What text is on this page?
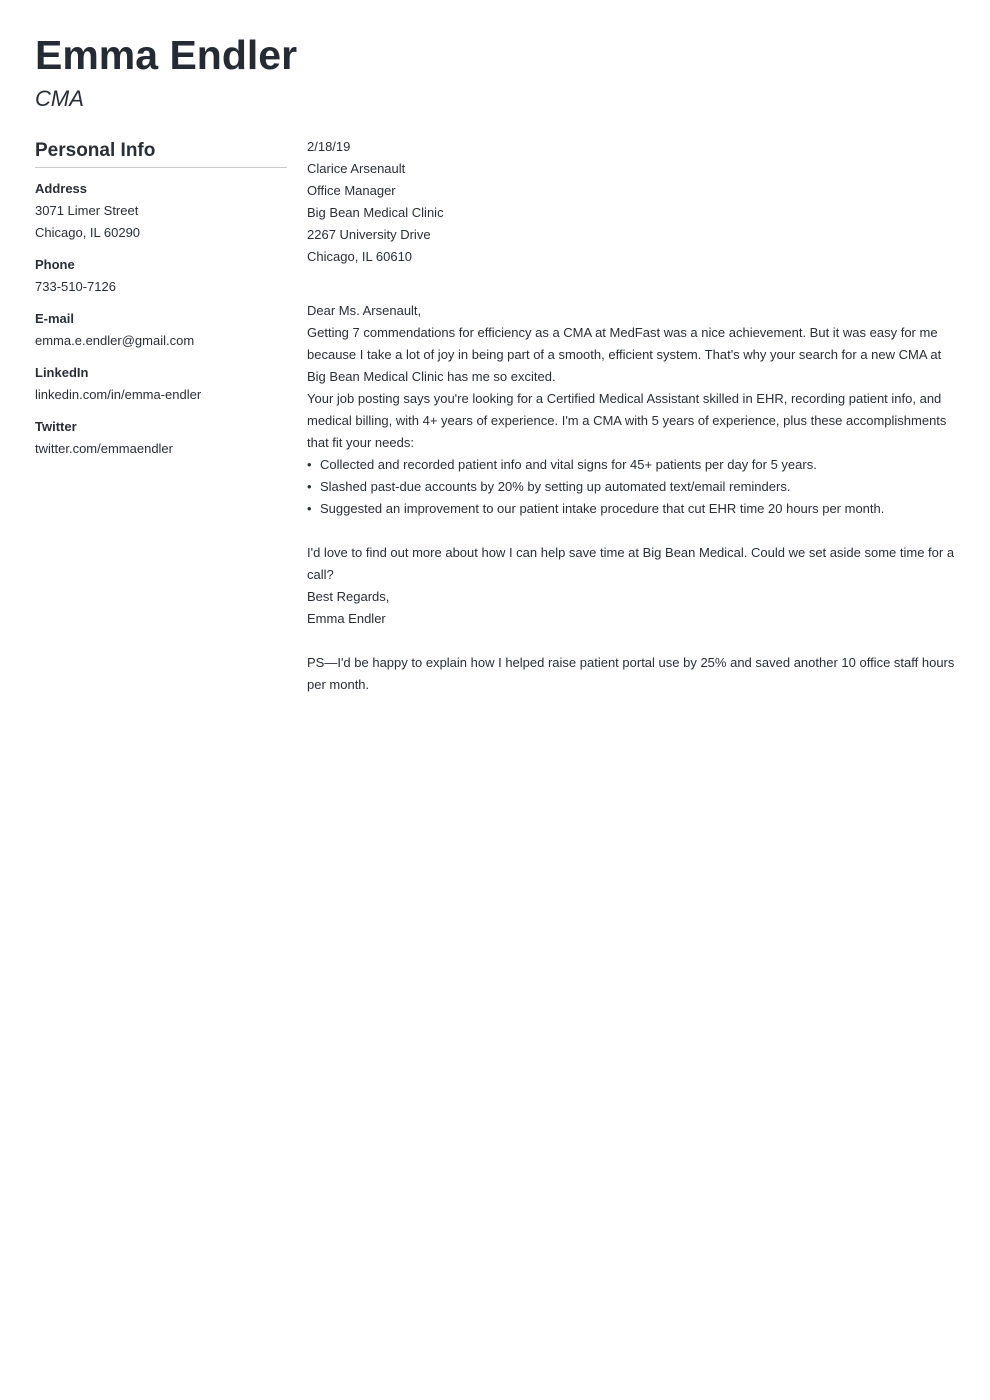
Emma Endler
CMA
Personal Info
Address
3071 Limer Street
Chicago, IL 60290
Phone
733-510-7126
E-mail
emma.e.endler@gmail.com
LinkedIn
linkedin.com/in/emma-endler
Twitter
twitter.com/emmaendler

2/18/19

Clarice Arsenault

Office Manager

Big Bean Medical Clinic

2267 University Drive

Chicago, IL 60610

Dear Ms. Arsenault,

Getting 7 commendations for efficiency as a CMA at MedFast was a nice achievement. But it was easy for me because I take a lot of joy in being part of a smooth, efficient system. That's why your search for a new CMA at Big Bean Medical Clinic has me so excited.

Your job posting says you're looking for a Certified Medical Assistant skilled in EHR, recording patient info, and medical billing, with 4+ years of experience. I'm a CMA with 5 years of experience, plus these accomplishments that fit your needs:

• Collected and recorded patient info and vital signs for 45+ patients per day for 5 years.
• Slashed past-due accounts by 20% by setting up automated text/email reminders.
• Suggested an improvement to our patient intake procedure that cut EHR time 20 hours per month.

I'd love to find out more about how I can help save time at Big Bean Medical. Could we set aside some time for a call?

Best Regards,

Emma Endler

PS—I'd be happy to explain how I helped raise patient portal use by 25% and saved another 10 office staff hours per month.
